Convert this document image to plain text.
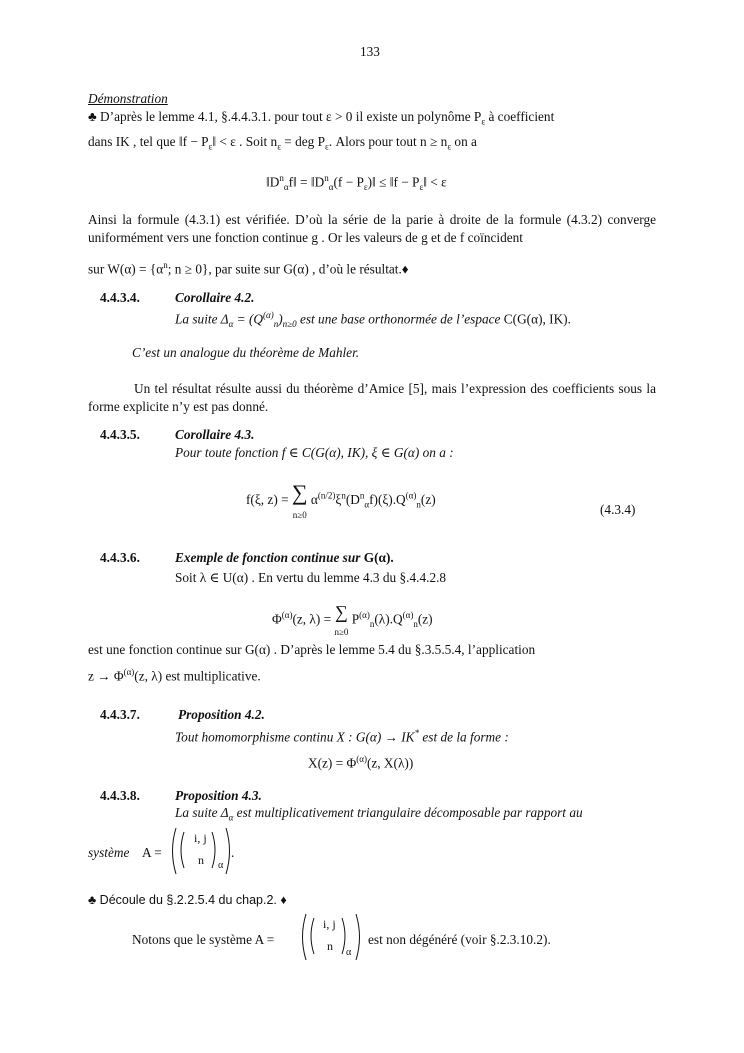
133
Démonstration
♣ D’après le lemme 4.1, §.4.4.3.1. pour tout ε > 0 il existe un polynôme $P_\varepsilon$ à coefficient
dans IK , tel que ‖f − $P_\varepsilon‖ < \varepsilon$ . Soit $n_\varepsilon$ = deg $P_\varepsilon$. Alors pour tout $n \ge n_\varepsilon$ on a
$‖D^n_\alpha f‖$ = $‖D^n_\alpha(f$ − $P_\varepsilon)‖$ ≤ ‖f − $P_\varepsilon‖ < \varepsilon$
Ainsi la formule (4.3.1) est vérifiée. D’où la série de la parie à droite de la formule (4.3.2) converge uniformément vers une fonction continue g . Or les valeurs de g et de f coïncident
sur $W(\alpha) = \{\alpha^n$; n ≥ 0}, par suite sur G(α) , d’où le résultat.♦
4.4.3.4.	Corollaire 4.2.
La suite $\Delta_\alpha = (Q^{(\alpha)}_n)_{n\ge 0}$ est une base orthonormée de l’espace C(G(α), IK).
C’est un analogue du théorème de Mahler.
Un tel résultat résulte aussi du théorème d’Amice [5], mais l’expression des coefficients sous la forme explicite n’y est pas donné.
4.4.3.5.	Corollaire 4.3.
Pour toute fonction f ∈ C(G(α), IK), ξ ∈ G(α) on a :
f(ξ, z) = ∑
n≥0 $\alpha^{(n/2)}\xi^n(D^n_\alpha f)(\xi).Q^{(\alpha)}_n(z)$
(4.3.4)
4.4.3.6.	Exemple de fonction continue sur G(α).
Soit λ ∈ U(α) . En vertu du lemme 4.3 du §.4.4.2.8
$\Phi^{(\alpha)}(z$, λ) = ∑
n≥0 $P^{(\alpha)}_n(\lambda).Q^{(\alpha)}_n(z)$
est une fonction continue sur G(α) . D’après le lemme 5.4 du §.3.5.5.4, l’application
$z \to \Phi^{(\alpha)}(z$, λ) est multiplicative.
4.4.3.7.	Proposition 4.2.
Tout homomorphisme continu X : G(α) → IK* est de la forme :
$X(z) = \Phi^{(\alpha)}(z$, X(λ))
4.4.3.8.	Proposition 4.3.
La suite $\Delta_\alpha$ est multiplicativement triangulaire décomposable par rapport au
système A =
i, j
n α
.
♣ Découle du §.2.2.5.4 du chap.2. ♦
Notons que le système A =
i, j
n α
est non dégénéré (voir §.2.3.10.2).
